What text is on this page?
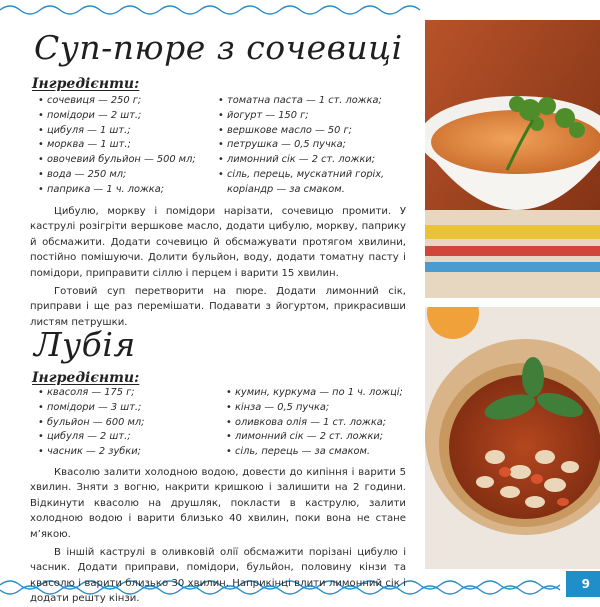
Суп-пюре з сочевиці
Інгредієнти:
• сочевиця — 250 г;
• помідори — 2 шт.;
• цибуля — 1 шт.;
• морква — 1 шт.;
• овочевий бульйон — 500 мл;
• вода — 250 мл;
• паприка — 1 ч. ложка;
• томатна паста — 1 ст. ложка;
• йогурт — 150 г;
• вершкове масло — 50 г;
• петрушка — 0,5 пучка;
• лимонний сік — 2 ст. ложки;
• сіль, перець, мускатний горіх,
коріандр — за смаком.

Цибулю, моркву і помідори нарізати, сочевицю промити. У каструлі розігріти вершкове масло, додати цибулю, моркву, паприку й обсмажити. Додати сочевицю й обсмажувати протягом хвилини, постійно помішуючи. Долити бульйон, воду, додати томатну пасту і помідори, приправити сіллю і перцем і варити 15 хвилин.

Готовий суп перетворити на пюре. Додати лимонний сік, приправи і ще раз перемішати. Подавати з йогуртом, прикрасивши листям петрушки.

Лубія
Інгредієнти:
• квасоля — 175 г;
• помідори — 3 шт.;
• бульйон — 600 мл;
• цибуля — 2 шт.;
• часник — 2 зубки;
• кумин, куркума — по 1 ч. ложці;
• кінза — 0,5 пучка;
• оливкова олія — 1 ст. ложка;
• лимонний сік — 2 ст. ложки;
• сіль, перець — за смаком.

Квасолю залити холодною водою, довести до кипіння і варити 5 хвилин. Зняти з вогню, накрити кришкою і залишити на 2 години. Відкинути квасолю на друшляк, покласти в каструлю, залити холодною водою і варити близько 40 хвилин, поки вона не стане м’якою.

В іншій каструлі в оливковій олії обсмажити порізані цибулю і часник. Додати приправи, помідори, бульйон, половину кінзи та квасолю і варити близько 30 хвилин. Наприкінці влити лимонний сік і додати решту кінзи.

9
